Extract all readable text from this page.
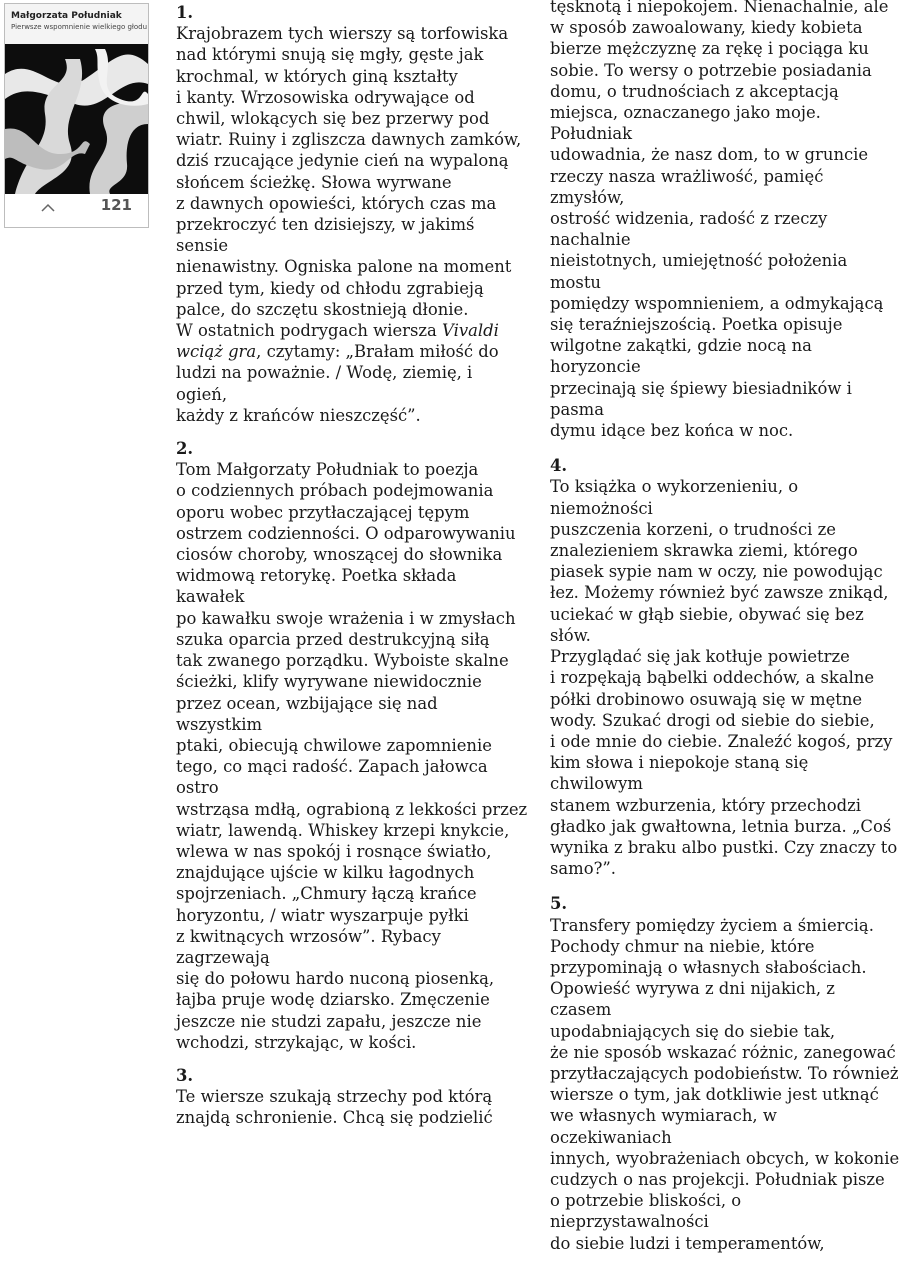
Małgorzata Południak
Pierwsze wspomnienie wielkiego głodu
121
1.

Krajobrazem tych wierszy są torfowiska

nad którymi snują się mgły, gęste jak

krochmal, w których giną kształty

i kanty. Wrzosowiska odrywające od

chwil, wlokących się bez przerwy pod

wiatr. Ruiny i zgliszcza dawnych zamków,

dziś rzucające jedynie cień na wypaloną

słońcem ścieżkę. Słowa wyrwane

z dawnych opowieści, których czas ma

przekroczyć ten dzisiejszy, w jakimś sensie

nienawistny. Ogniska palone na moment

przed tym, kiedy od chłodu zgrabieją

palce, do szczętu skostnieją dłonie.

W ostatnich podrygach wiersza Vivaldi

wciąż gra, czytamy: „Brałam miłość do

ludzi na poważnie. / Wodę, ziemię, i ogień,

każdy z krańców nieszczęść”.

2.

Tom Małgorzaty Południak to poezja

o codziennych próbach podejmowania

oporu wobec przytłaczającej tępym

ostrzem codzienności. O odparowywaniu

ciosów choroby, wnoszącej do słownika

widmową retorykę. Poetka składa kawałek

po kawałku swoje wrażenia i w zmysłach

szuka oparcia przed destrukcyjną siłą

tak zwanego porządku. Wyboiste skalne

ścieżki, klify wyrywane niewidocznie

przez ocean, wzbijające się nad wszystkim

ptaki, obiecują chwilowe zapomnienie

tego, co mąci radość. Zapach jałowca ostro

wstrząsa mdłą, ograbioną z lekkości przez

wiatr, lawendą. Whiskey krzepi knykcie,

wlewa w nas spokój i rosnące światło,

znajdujące ujście w kilku łagodnych

spojrzeniach. „Chmury łączą krańce

horyzontu, / wiatr wyszarpuje pyłki

z kwitnących wrzosów”. Rybacy zagrzewają

się do połowu hardo nuconą piosenką,

łajba pruje wodę dziarsko. Zmęczenie

jeszcze nie studzi zapału, jeszcze nie

wchodzi, strzykając, w kości.

3.

Te wiersze szukają strzechy pod którą

znajdą schronienie. Chcą się podzielić

tęsknotą i niepokojem. Nienachalnie, ale

w sposób zawoalowany, kiedy kobieta

bierze mężczyznę za rękę i pociąga ku

sobie. To wersy o potrzebie posiadania

domu, o trudnościach z akceptacją

miejsca, oznaczanego jako moje. Południak

udowadnia, że nasz dom, to w gruncie

rzeczy nasza wrażliwość, pamięć zmysłów,

ostrość widzenia, radość z rzeczy nachalnie

nieistotnych, umiejętność położenia mostu

pomiędzy wspomnieniem, a odmykającą

się teraźniejszością. Poetka opisuje

wilgotne zakątki, gdzie nocą na horyzoncie

przecinają się śpiewy biesiadników i pasma

dymu idące bez końca w noc.

4.

To książka o wykorzenieniu, o niemożności

puszczenia korzeni, o trudności ze

znalezieniem skrawka ziemi, którego

piasek sypie nam w oczy, nie powodując

łez. Możemy również być zawsze znikąd,

uciekać w głąb siebie, obywać się bez słów.

Przyglądać się jak kotłuje powietrze

i rozpękają bąbelki oddechów, a skalne

półki drobinowo osuwają się w mętne

wody. Szukać drogi od siebie do siebie,

i ode mnie do ciebie. Znaleźć kogoś, przy

kim słowa i niepokoje staną się chwilowym

stanem wzburzenia, który przechodzi

gładko jak gwałtowna, letnia burza. „Coś

wynika z braku albo pustki. Czy znaczy to

samo?”.

5.

Transfery pomiędzy życiem a śmiercią.

Pochody chmur na niebie, które

przypominają o własnych słabościach.

Opowieść wyrywa z dni nijakich, z czasem

upodabniających się do siebie tak,

że nie sposób wskazać różnic, zanegować

przytłaczających podobieństw. To również

wiersze o tym, jak dotkliwie jest utknąć

we własnych wymiarach, w oczekiwaniach

innych, wyobrażeniach obcych, w kokonie

cudzych o nas projekcji. Południak pisze

o potrzebie bliskości, o nieprzystawalności

do siebie ludzi i temperamentów,
